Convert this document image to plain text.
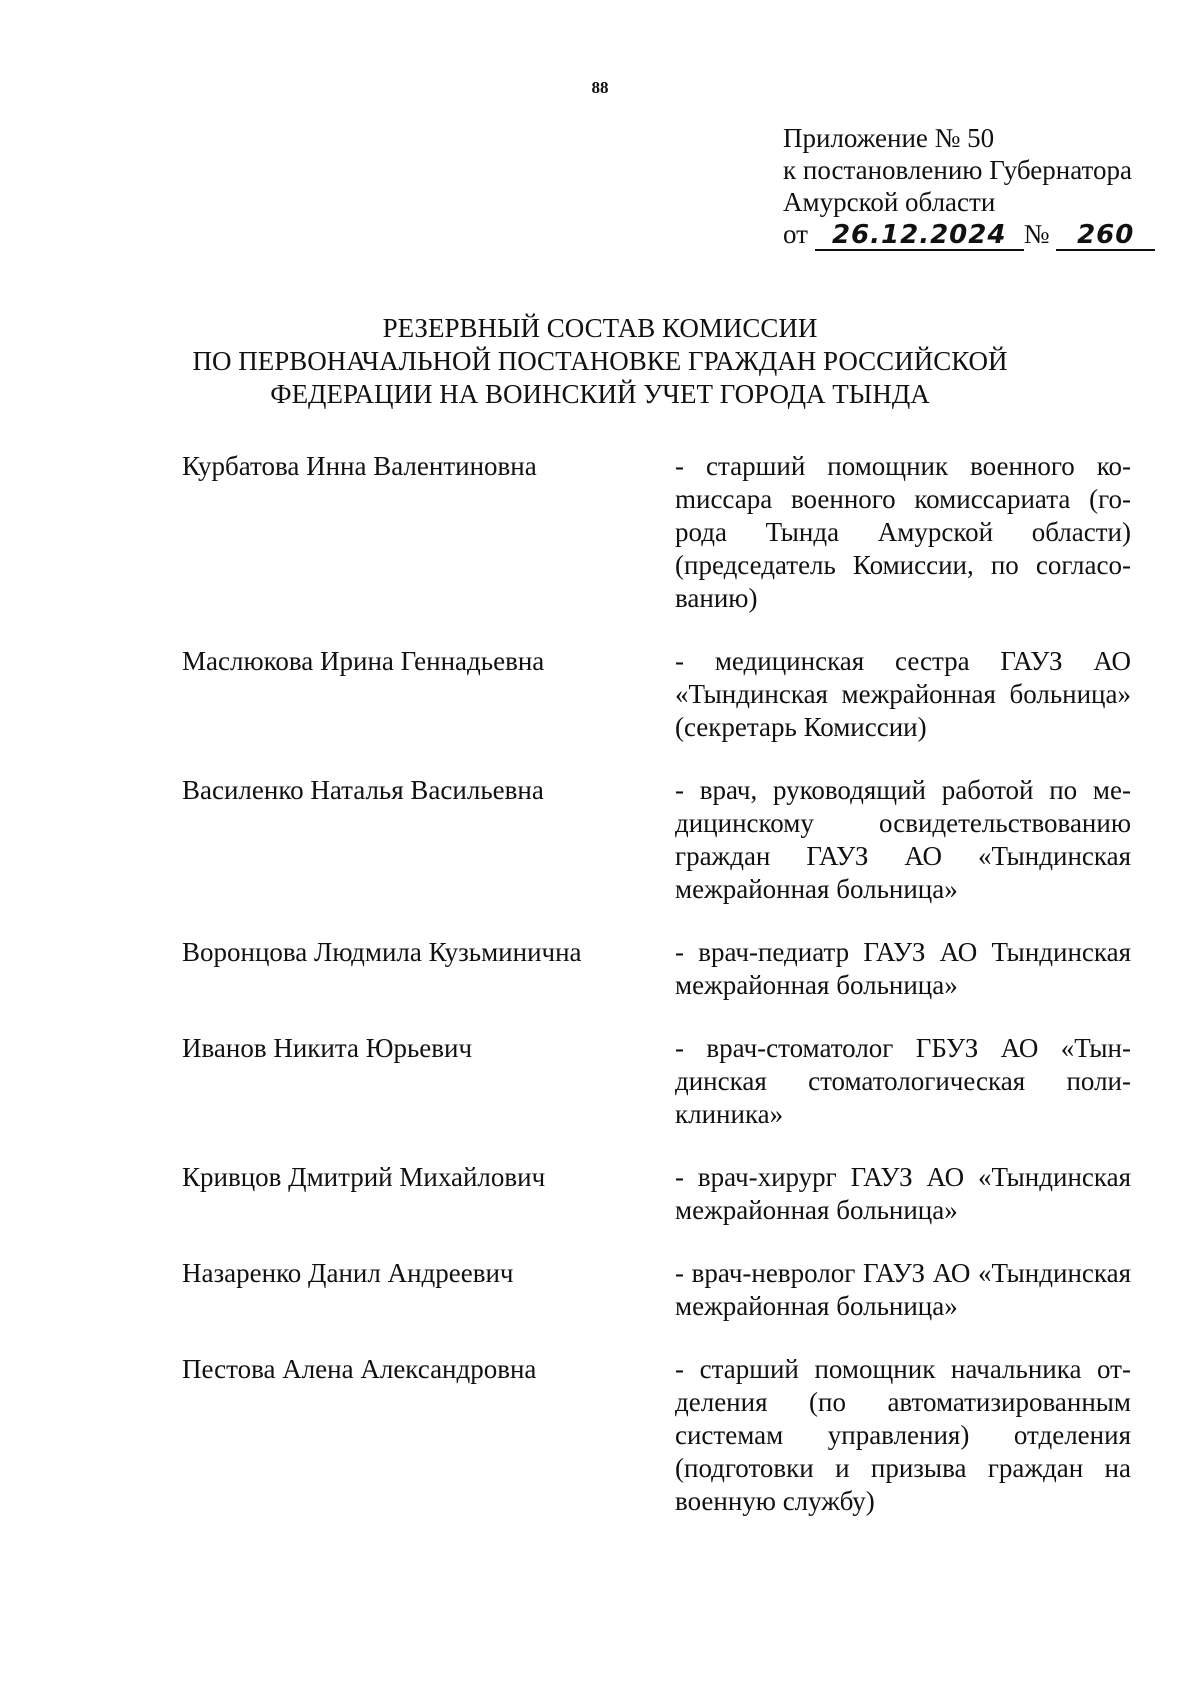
88
Приложение № 50
к постановлению Губернатора
Амурской области
от 26.12.2024 № 260
РЕЗЕРВНЫЙ СОСТАВ КОМИССИИ
ПО ПЕРВОНАЧАЛЬНОЙ ПОСТАНОВКЕ ГРАЖДАН РОССИЙСКОЙ
ФЕДЕРАЦИИ НА ВОИНСКИЙ УЧЕТ ГОРОДА ТЫНДА
Курбатова Инна Валентиновна	- старший помощник военного коmиссара военного комиссариата (города Тында Амурской области) (председатель Комиссии, по согласованию)
Маслюкова Ирина Геннадьевна	- медицинская сестра ГАУЗ АО «Тындинская межрайонная больница» (секретарь Комиссии)
Василенко Наталья Васильевна	- врач, руководящий работой по медицинскому освидетельствованию граждан ГАУЗ АО «Тындинская межрайонная больница»
Воронцова Людмила Кузьминична	- врач-педиатр ГАУЗ АО Тындинская межрайонная больница»
Иванов Никита Юрьевич	- врач-стоматолог ГБУЗ АО «Тындинская стоматологическая поликлиника»
Кривцов Дмитрий Михайлович	- врач-хирург ГАУЗ АО «Тындинская межрайонная больница»
Назаренко Данил Андреевич	- врач-невролог ГАУЗ АО «Тындинская межрайонная больница»
Пестова Алена Александровна	- старший помощник начальника отделения (по автоматизированным системам управления) отделения (подготовки и призыва граждан на военную службу)
